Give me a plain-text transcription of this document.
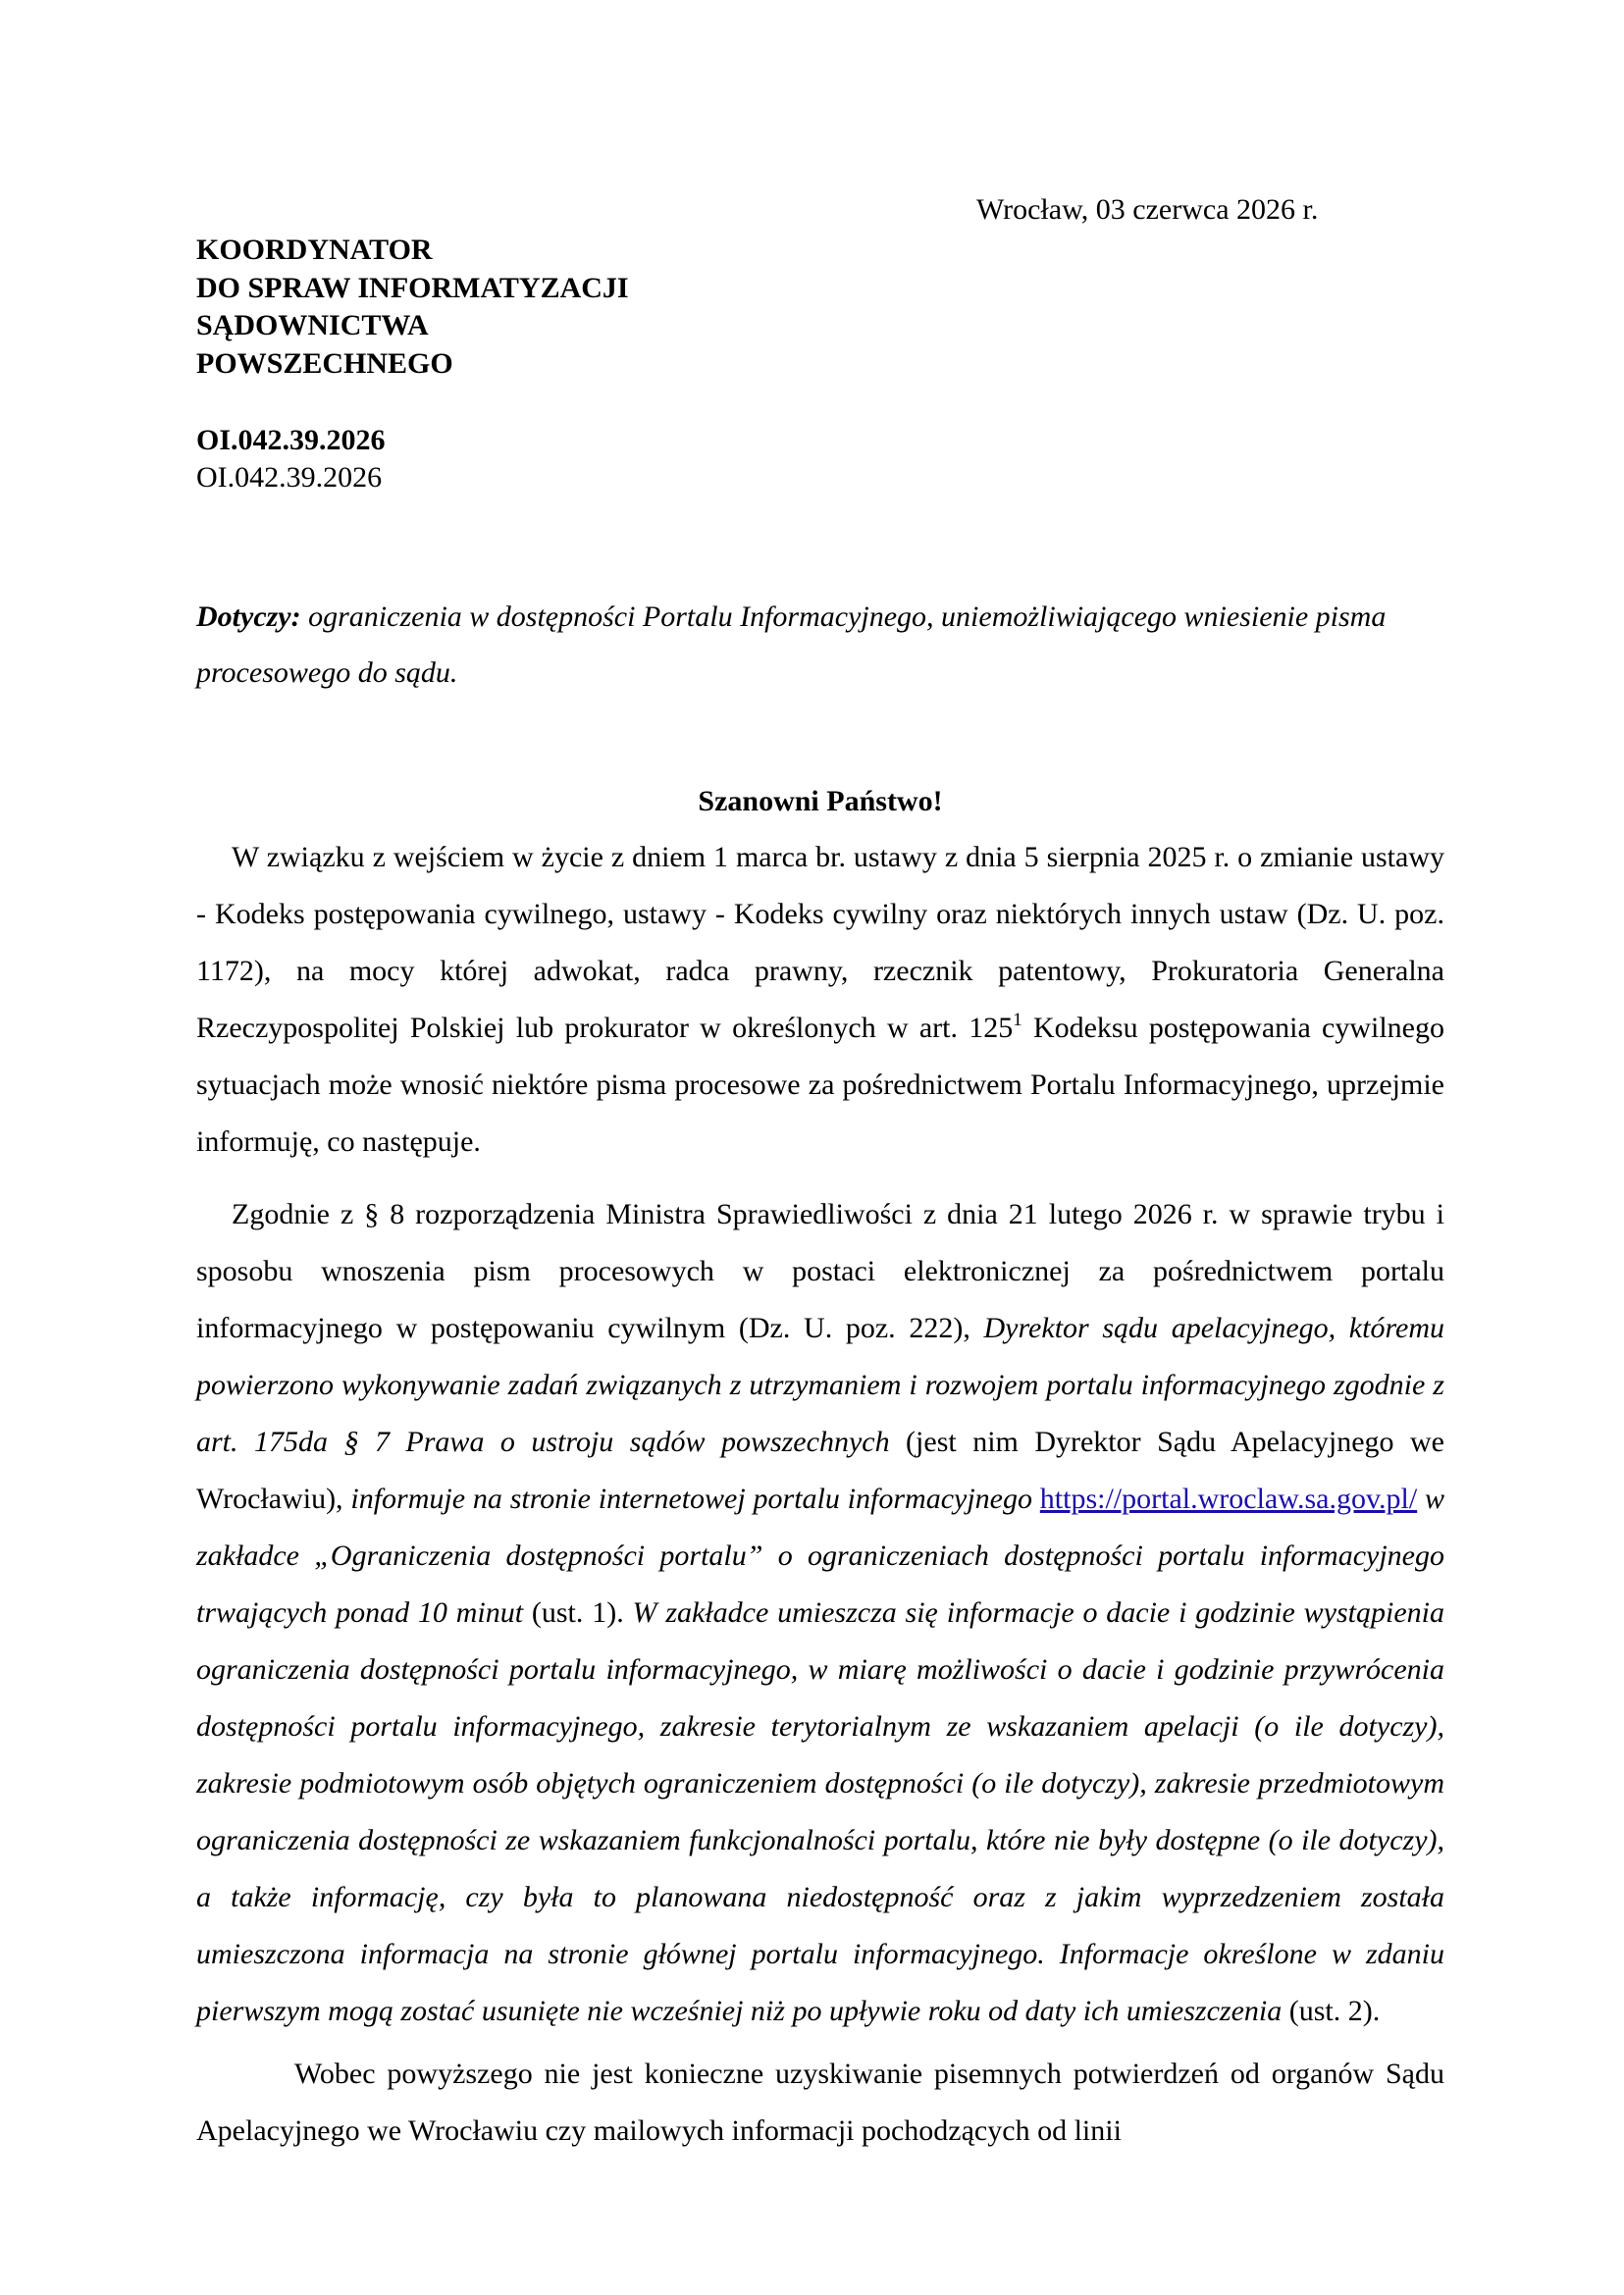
Wrocław, 03 czerwca 2026 r.
KOORDYNATOR
DO SPRAW INFORMATYZACJI
SĄDOWNICTWA
POWSZECHNEGO
OI.042.39.2026
OI.042.39.2026
Dotyczy: ograniczenia w dostępności Portalu Informacyjnego, uniemożliwiającego wniesienie pisma procesowego do sądu.
Szanowni Państwo!

W związku z wejściem w życie z dniem 1 marca br. ustawy z dnia 5 sierpnia 2025 r. o zmianie ustawy - Kodeks postępowania cywilnego, ustawy - Kodeks cywilny oraz niektórych innych ustaw (Dz. U. poz. 1172), na mocy której adwokat, radca prawny, rzecznik patentowy, Prokuratoria Generalna Rzeczypospolitej Polskiej lub prokurator w określonych w art. $125^1$ Kodeksu postępowania cywilnego sytuacjach może wnosić niektóre pisma procesowe za pośrednictwem Portalu Informacyjnego, uprzejmie informuję, co następuje.

Zgodnie z § 8 rozporządzenia Ministra Sprawiedliwości z dnia 21 lutego 2026 r. w sprawie trybu i sposobu wnoszenia pism procesowych w postaci elektronicznej za pośrednictwem portalu informacyjnego w postępowaniu cywilnym (Dz. U. poz. 222), Dyrektor sądu apelacyjnego, któremu powierzono wykonywanie zadań związanych z utrzymaniem i rozwojem portalu informacyjnego zgodnie z art. 175da § 7 Prawa o ustroju sądów powszechnych (jest nim Dyrektor Sądu Apelacyjnego we Wrocławiu), informuje na stronie internetowej portalu informacyjnego https://portal.wroclaw.sa.gov.pl/ w zakładce „Ograniczenia dostępności portalu” o ograniczeniach dostępności portalu informacyjnego trwających ponad 10 minut (ust. 1). W zakładce umieszcza się informacje o dacie i godzinie wystąpienia ograniczenia dostępności portalu informacyjnego, w miarę możliwości o dacie i godzinie przywrócenia dostępności portalu informacyjnego, zakresie terytorialnym ze wskazaniem apelacji (o ile dotyczy), zakresie podmiotowym osób objętych ograniczeniem dostępności (o ile dotyczy), zakresie przedmiotowym ograniczenia dostępności ze wskazaniem funkcjonalności portalu, które nie były dostępne (o ile dotyczy), a także informację, czy była to planowana niedostępność oraz z jakim wyprzedzeniem została umieszczona informacja na stronie głównej portalu informacyjnego. Informacje określone w zdaniu pierwszym mogą zostać usunięte nie wcześniej niż po upływie roku od daty ich umieszczenia (ust. 2).

Wobec powyższego nie jest konieczne uzyskiwanie pisemnych potwierdzeń od organów Sądu Apelacyjnego we Wrocławiu czy mailowych informacji pochodzących od linii
